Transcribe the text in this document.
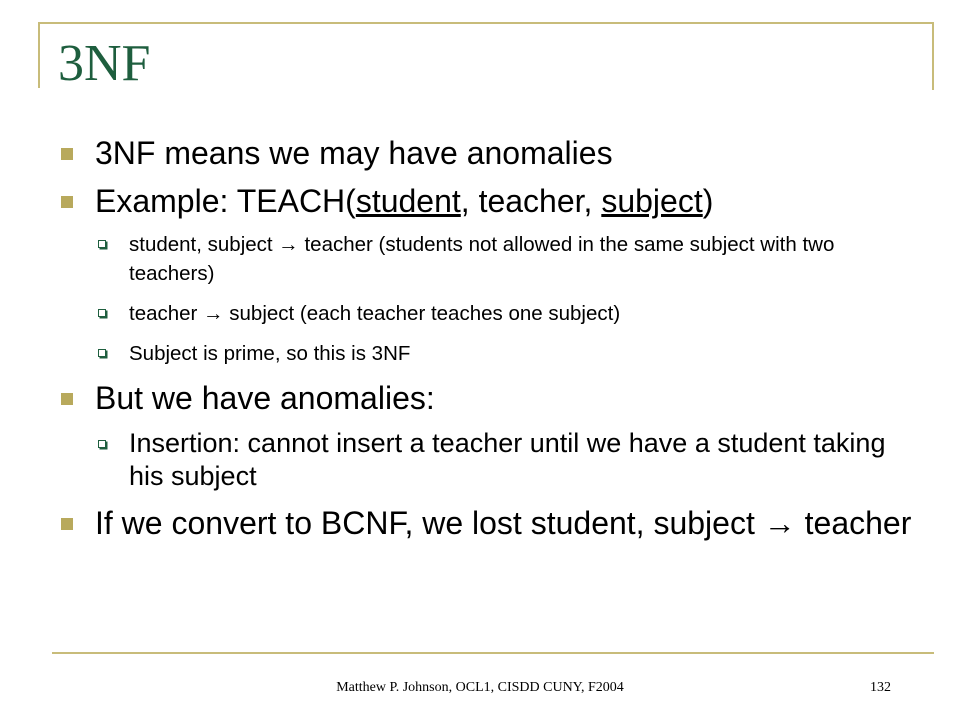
3NF
3NF means we may have anomalies
Example: TEACH(student, teacher, subject)
student, subject → teacher (students not allowed in the same subject with two teachers)
teacher → subject (each teacher teaches one subject)
Subject is prime, so this is 3NF
But we have anomalies:
Insertion: cannot insert a teacher until we have a student taking his subject
If we convert to BCNF, we lost student, subject → teacher
Matthew P. Johnson, OCL1, CISDD CUNY, F2004	132
